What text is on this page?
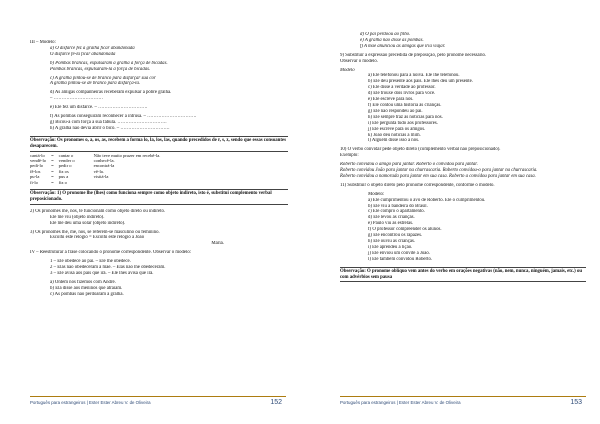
III – Modelo:
a) O disfarce fez a gralha ficar abandonada
O disfarce fê-la ficar abandonada
b) Pombas brancas, expulsaram a gralha à força de bicadas.
Pombas brancas, expulsaram-la à força de bicadas.
c) A gralha pintou-se de branco para disfarçar sua cor
A gralha pintou-se de branco para disfarçá-la.
d) As amigas companheiras receberam expulsar a pobre gralha.
– ………………………….
e) Ele fez um disfarce. – ………………………….
f) As pombas conseguiram reconhecer a intrusa. – ………………………….
g) Bicou-a com força a sua fábula. ………………………….
h) A gralha não devia abrir o bico. – ………………………….
Observação: Os pronomes o, a, os, as, recebem a forma lo, la, los, las, quando precedidos de r, s, z, sendo que essas consoantes desaparecem.
cantá-lo	=	cantar o	Não teve muito prazer em recebê-la.
vendê-lo	=	vender o	conhecê-la.
pedi-lo	=	pedir o	encontrá-la
fê-los	=	fiz os	vê-la.
pu-la	=	pus a	visitá-la
fi-lo	=	fiz o	
Observação: 1) O pronome lhe (lhes) como funciona sempre como objeto indireto, isto é, substitui complemento verbal preposicionado.
2) Os pronomes me, nos, te funcionam como objeto direto ou indireto.
Ele me viu (objeto indireto).
Ele me deu uma solar (objeto indireto).
3) Os pronomes lhe, me, nos, se referem-se masculino ou feminino.
Escolhi este relógio = Escolhi este relógio a João
Maria.
IV – Reestruturar a frase colocando o pronome correspondente. Observar o modelo:
1 – Ele obedece ao pai. – Ele lhe obedece.
2 – Elas não obedeceram à mãe. – Elas não lhe obedeceram.
3 – Ele avisa aos pais que irá. – Ele lhes avisa que irá.
a) Ontem nós fizemos com André.
b) Ela disse aos meninos que atraíam.
c) As pombas não perdoaram à gralha.
Português para estrangeiros | Ester Ester Abreu V. de Oliveira	152
d) O pai perdoou ao filho.
e) A gralha não disse às pombas.
f) A mãe anunciou às amigas que iria viajar.
9) Substituir a expressão precedida de preposição, pelo pronome necessário.
Observar o modelo.
Modelo
a) Ele telefonou para a noiva. Ele lhe telefonou.
b) Ele deu presente aos pais. Ele lhes deu um presente.
c) Ele disse a verdade ao professor.
d) Ele trouxe dois livros para você.
e) Ele escreve para nós.
f) Ele contou uma história às crianças.
g) Ele não respondeu ao pai.
h) Ele sempre traz as notícias para nós.
i) Ele pergunta tudo aos professores.
j) Ele escreve para os amigos.
k) João deu notícias a mim.
l) Alguém disse isso a nós.
10) O verbo convidar pede objeto direto (complemento verbal não preposicionado).
Exemplo:
Roberto convidou o amigo para jantar. Roberto o convidou para jantar.
Roberto convidou João para jantar na churrascaria. Roberto convidou-o para jantar na churrascaria.
Roberto convidou a namorada para jantar em sua casa. Roberto a convidou para jantar em sua casa.
11) Substituir o objeto direto pelo pronome correspondente, conforme o modelo.
Modelo:
a) Ele cumprimentou o avô de Roberto. Ele o cumprimentou.
b) Ele viu a bandeira do Brasil.
c) Ele compro o apartamento.
d) Ele levou as crianças.
e) Paulo viu as estrelas.
f) O professor compreender os alunos.
g) Ele encontrou os rapazes.
h) Ele ouviu as crianças.
i) Ele aprendeu a lição.
j) Ele enviou um convite a João.
l) Ele também convidou Roberto.
Observação: O pronome oblíquo vem antes do verbo em orações negativas (não, nem, nunca, ninguém, jamais, etc.) ou com advérbios sem pausa
Português para estrangeiros | Ester Ester Abreu V. de Oliveira	153
